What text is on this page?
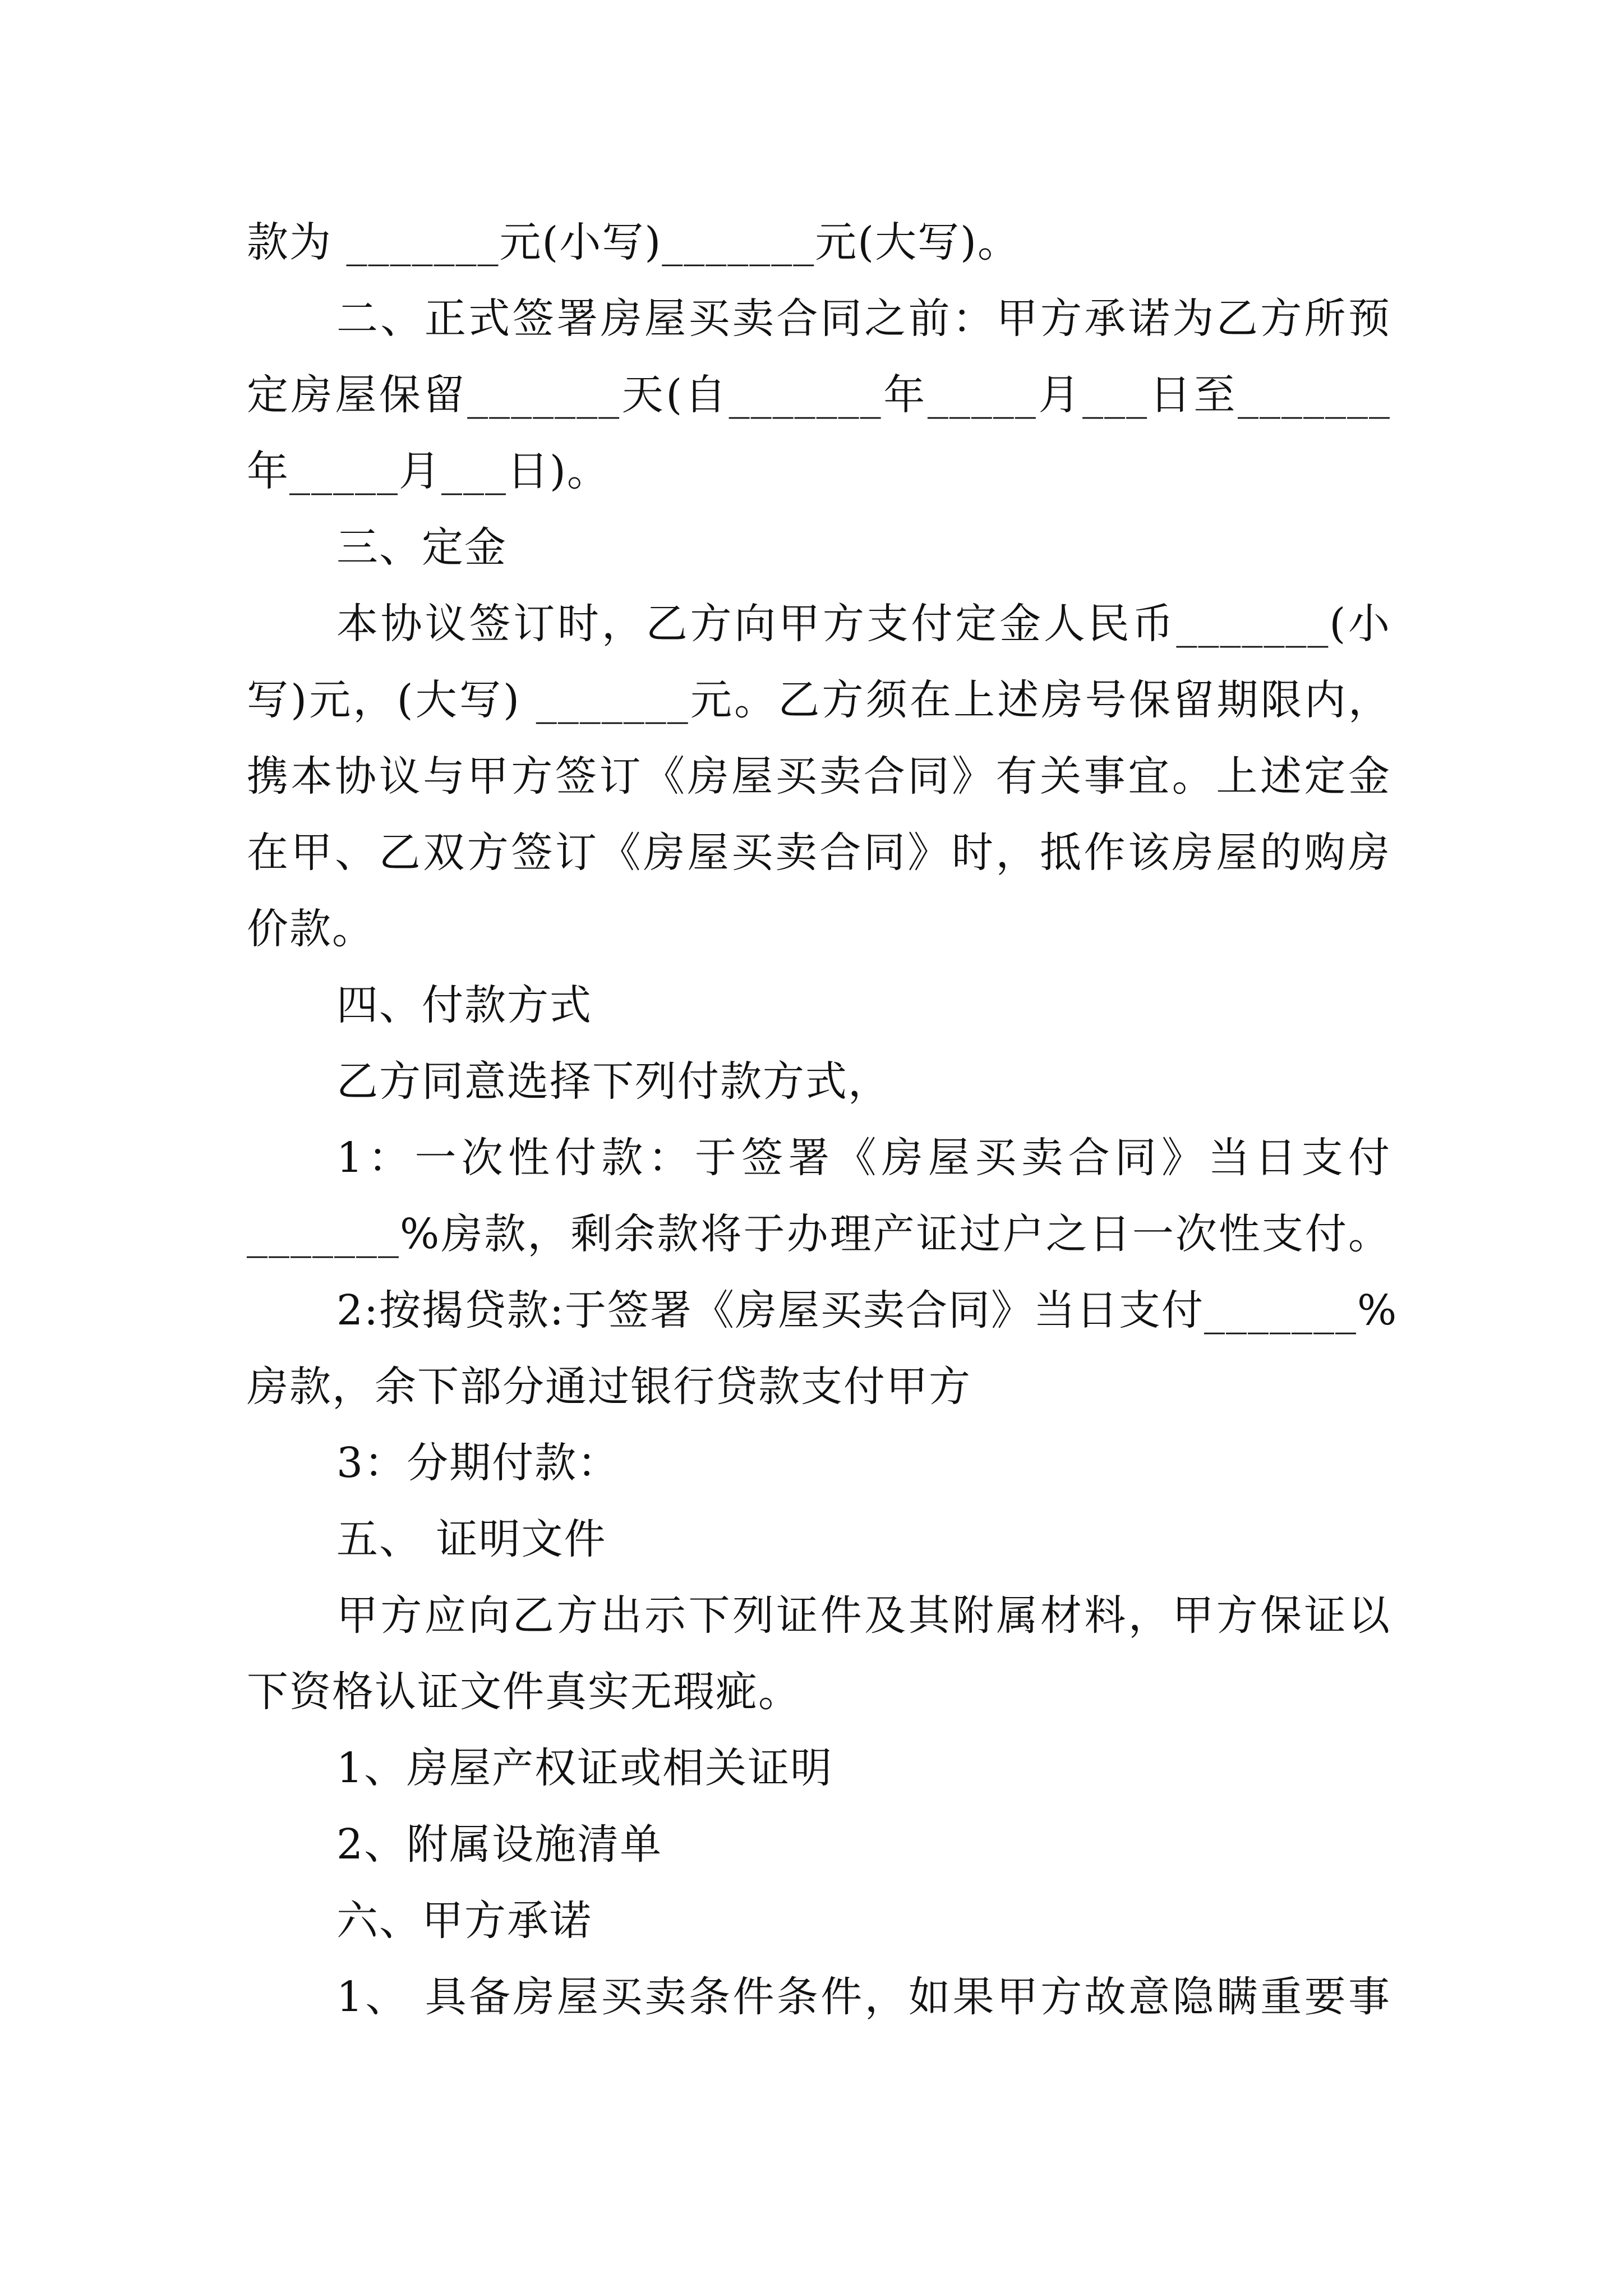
款为 _______元(小写)_______元(大写)。
二、正式签署房屋买卖合同之前：甲方承诺为乙方所预
定房屋保留_______天(自_______年_____月___日至_______
年_____月___日)。
三、定金
本协议签订时，乙方向甲方支付定金人民币_______(小
写)元，(大写) _______元。乙方须在上述房号保留期限内，
携本协议与甲方签订《房屋买卖合同》有关事宜。上述定金
在甲、乙双方签订《房屋买卖合同》时，抵作该房屋的购房
价款。
四、付款方式
乙方同意选择下列付款方式，
1：一次性付款：于签署《房屋买卖合同》当日支付
_______%房款，剩余款将于办理产证过户之日一次性支付。
2:按揭贷款:于签署《房屋买卖合同》当日支付_______%
房款，余下部分通过银行贷款支付甲方
3：分期付款：
五、 证明文件
甲方应向乙方出示下列证件及其附属材料，甲方保证以
下资格认证文件真实无瑕疵。
1、房屋产权证或相关证明
2、附属设施清单
六、甲方承诺
1、 具备房屋买卖条件条件，如果甲方故意隐瞒重要事
